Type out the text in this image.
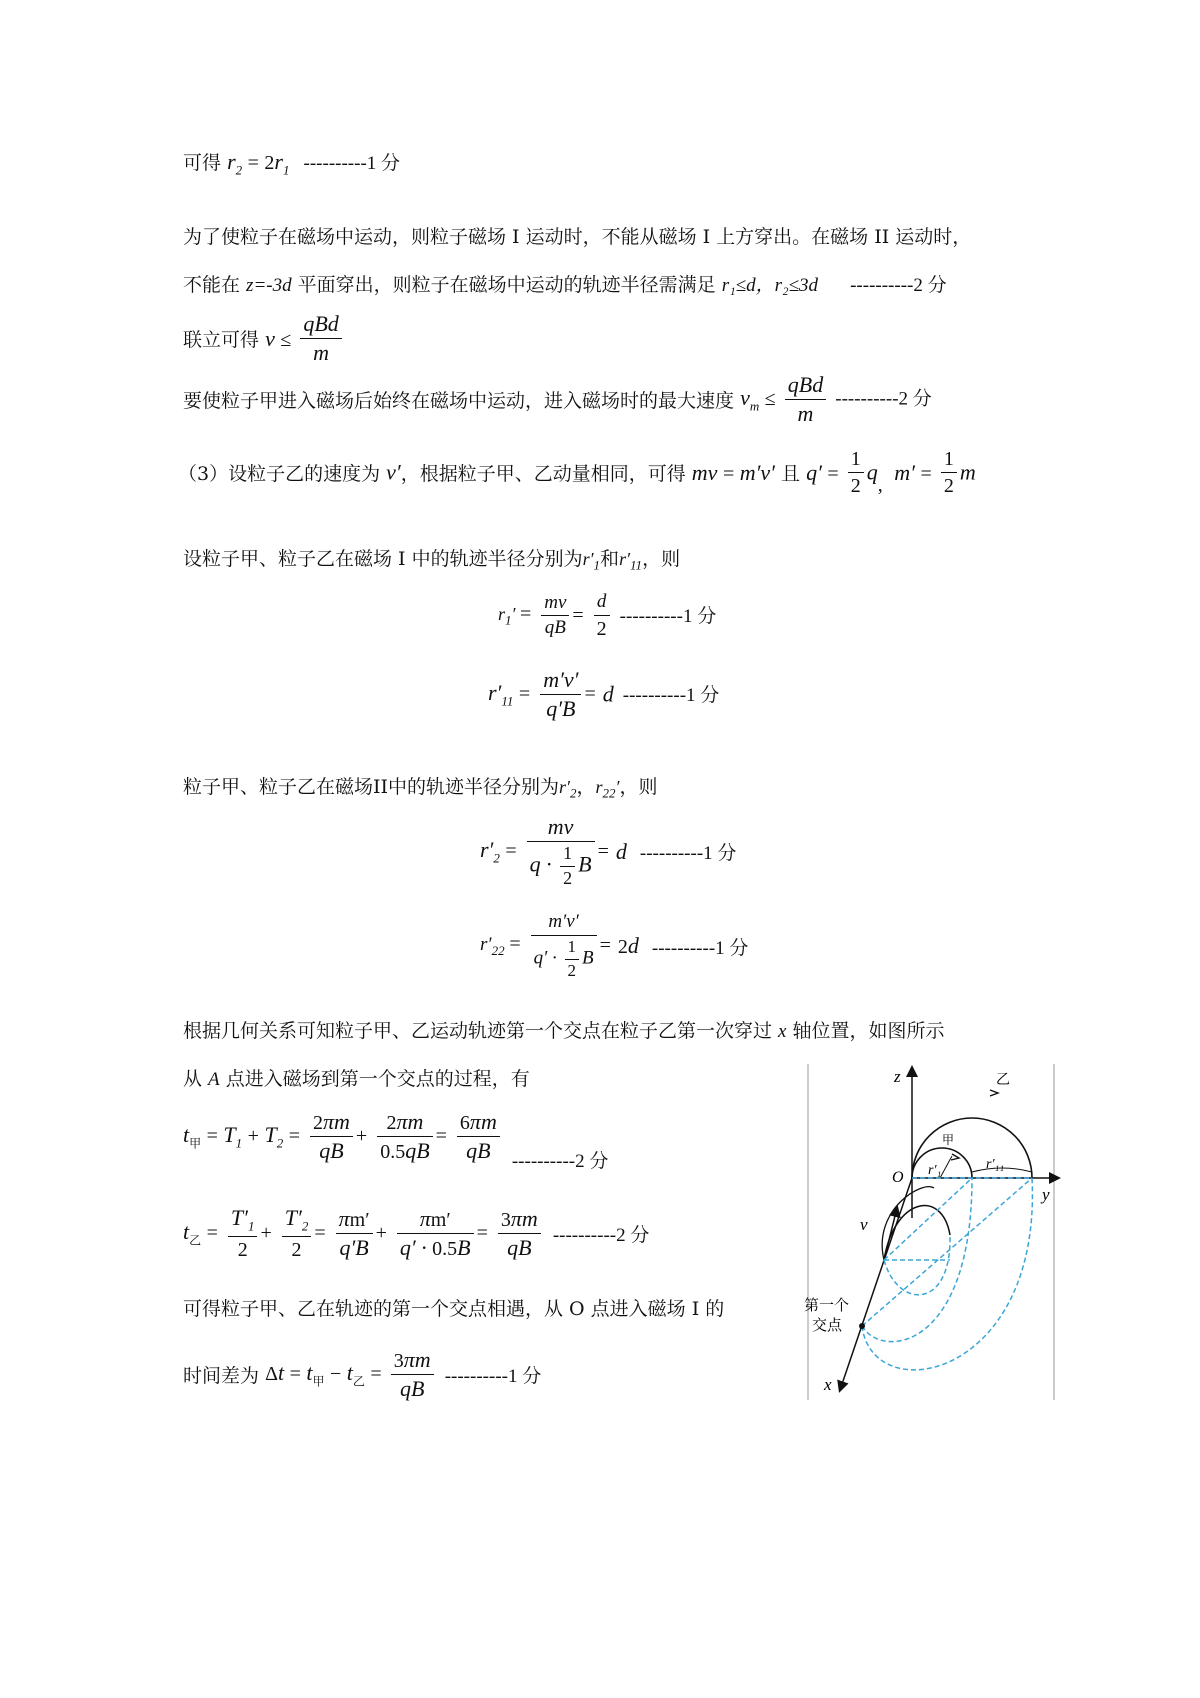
可得 $r_2 = 2r_1$ ----------1 分
为了使粒子在磁场中运动，则粒子磁场 I 运动时，不能从磁场 I 上方穿出。在磁场 II 运动时，
不能在 z=-3d 平面穿出，则粒子在磁场中运动的轨迹半径需满足 r₁≤d，r₂≤3d ----------2 分
联立可得 $v \le \frac{\text{qBd}}{m}$
要使粒子甲进入磁场后始终在磁场中运动，进入磁场时的最大速度 $v_m \le \frac{\text{qBd}}{m} ----------2$ 分
（3）设粒子乙的速度为 v′，根据粒子甲、乙动量相同，可得 mv = m′v′ 且 $q' = \frac{1}{2} q$,  $m' = \frac{1}{2}$ m
设粒子甲、粒子乙在磁场 I 中的轨迹半径分别为$r'_1$和$r'_{11}$，则
$r_1' = \frac{mv}{qB} = \frac{d}{2} ----------1$ 分
$r'_{11} = \frac{m'v'}{q'B} = d$ ----------1 分
粒子甲、粒子乙在磁场II中的轨迹半径分别为$r'_2$，$r_{22}'$，则
$r'_2 = \frac{mv}{q \cdot \frac{1}{2} B} = d$ ----------1 分
$r'_{22} = \frac{m'v'}{q' \cdot \frac{1}{2} B} = 2d$ ----------1 分
根据几何关系可知粒子甲、乙运动轨迹第一个交点在粒子乙第一次穿过 x 轴位置，如图所示
从 A 点进入磁场到第一个交点的过程，有
$t_甲 = T_1 + T_2 = \frac{2\pi m}{qB} + \frac{2\pi m}{0.5qB} = \frac{6\pi m}{qB} ----------2$ 分
$t_乙 = \frac{T'_1}{2} + \frac{T'_2}{2} = \frac{\pi m'}{q'B} + \frac{\pi m'}{q' \cdot 0.5B} = \frac{3\pi m}{qB} ----------2$ 分
可得粒子甲、乙在轨迹的第一个交点相遇，从 O 点进入磁场 I 的
时间差为 $\Delta t = t_甲 - t_乙 = \frac{3\pi m}{qB} ----------1$ 分
z
y
x
O
乙
甲
r′₁	r′₁₁
v
第一个
交点
